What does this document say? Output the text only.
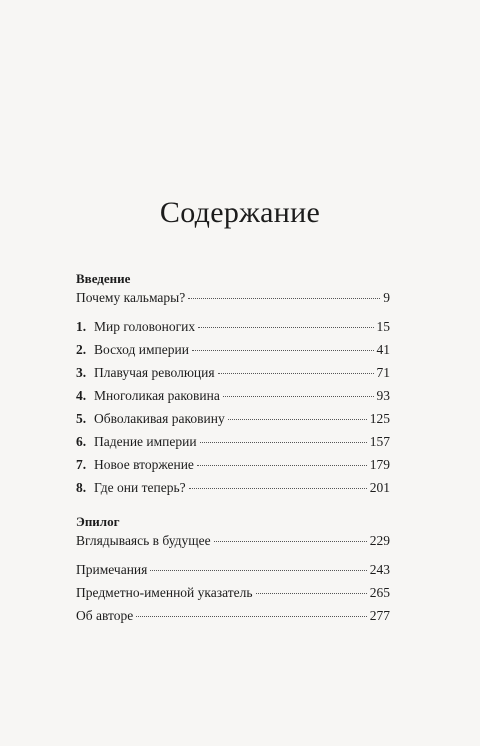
Содержание
Введение
Почему кальмары?	9
1. Мир головоногих	15
2. Восход империи	41
3. Плавучая революция	71
4. Многоликая раковина	93
5. Обволакивая раковину	125
6. Падение империи	157
7. Новое вторжение	179
8. Где они теперь?	201
Эпилог
Вглядываясь в будущее	229
Примечания	243
Предметно-именной указатель	265
Об авторе	277
